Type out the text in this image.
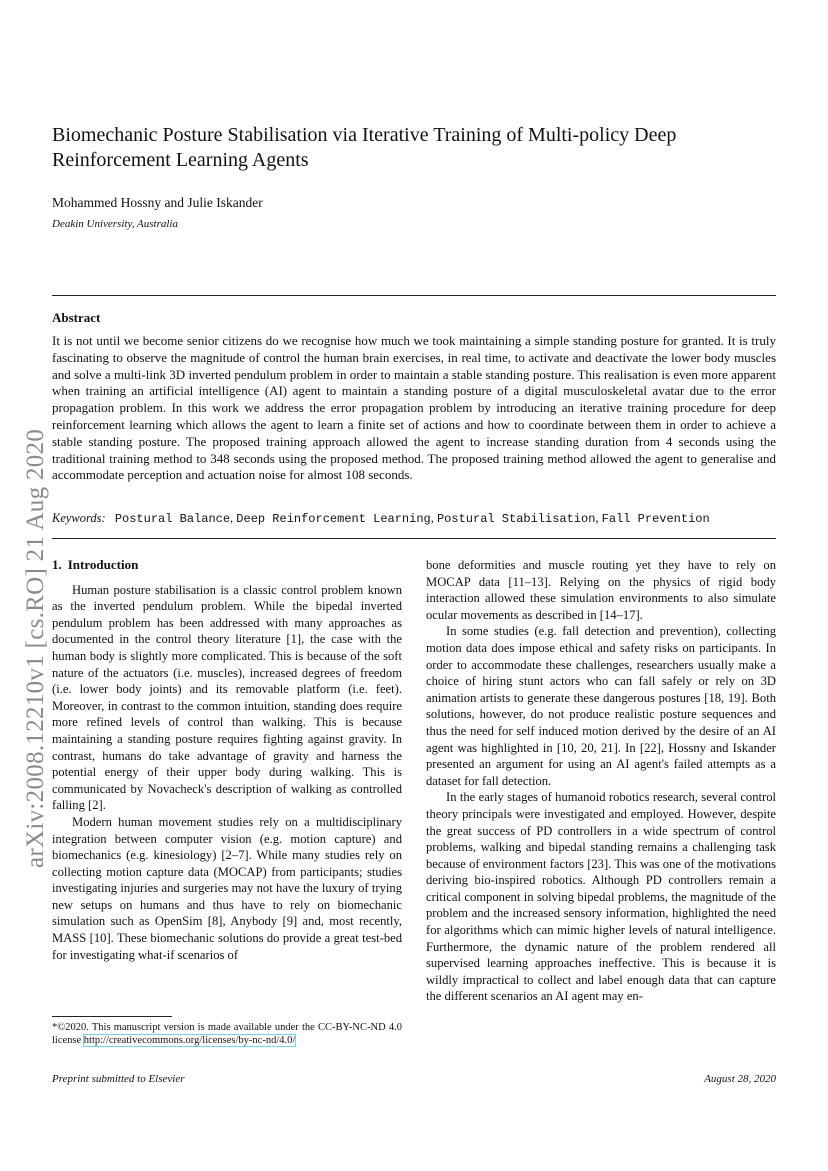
arXiv:2008.12210v1 [cs.RO] 21 Aug 2020
Biomechanic Posture Stabilisation via Iterative Training of Multi-policy Deep Reinforcement Learning Agents
Mohammed Hossny and Julie Iskander
Deakin University, Australia
Abstract

It is not until we become senior citizens do we recognise how much we took maintaining a simple standing posture for granted. It is truly fascinating to observe the magnitude of control the human brain exercises, in real time, to activate and deactivate the lower body muscles and solve a multi-link 3D inverted pendulum problem in order to maintain a stable standing posture. This realisation is even more apparent when training an artificial intelligence (AI) agent to maintain a standing posture of a digital musculoskeletal avatar due to the error propagation problem. In this work we address the error propagation problem by introducing an iterative training procedure for deep reinforcement learning which allows the agent to learn a finite set of actions and how to coordinate between them in order to achieve a stable standing posture. The proposed training approach allowed the agent to increase standing duration from 4 seconds using the traditional training method to 348 seconds using the proposed method. The proposed training method allowed the agent to generalise and accommodate perception and actuation noise for almost 108 seconds.

Keywords: Postural Balance, Deep Reinforcement Learning, Postural Stabilisation, Fall Prevention
1. Introduction

Human posture stabilisation is a classic control problem known as the inverted pendulum problem. While the bipedal inverted pendulum problem has been addressed with many approaches as documented in the control theory literature [1], the case with the human body is slightly more complicated. This is because of the soft nature of the actuators (i.e. muscles), increased degrees of freedom (i.e. lower body joints) and its removable platform (i.e. feet). Moreover, in contrast to the common intuition, standing does require more refined levels of control than walking. This is because maintaining a standing posture requires fighting against gravity. In contrast, humans do take advantage of gravity and harness the potential energy of their upper body during walking. This is communicated by Novacheck's description of walking as controlled falling [2].

Modern human movement studies rely on a multidisciplinary integration between computer vision (e.g. motion capture) and biomechanics (e.g. kinesiology) [2–7]. While many studies rely on collecting motion capture data (MOCAP) from participants; studies investigating injuries and surgeries may not have the luxury of trying new setups on humans and thus have to rely on biomechanic simulation such as OpenSim [8], Anybody [9] and, most recently, MASS [10]. These biomechanic solutions do provide a great test-bed for investigating what-if scenarios of

bone deformities and muscle routing yet they have to rely on MOCAP data [11–13]. Relying on the physics of rigid body interaction allowed these simulation environments to also simulate ocular movements as described in [14–17].

In some studies (e.g. fall detection and prevention), collecting motion data does impose ethical and safety risks on participants. In order to accommodate these challenges, researchers usually make a choice of hiring stunt actors who can fall safely or rely on 3D animation artists to generate these dangerous postures [18, 19]. Both solutions, however, do not produce realistic posture sequences and thus the need for self induced motion derived by the desire of an AI agent was highlighted in [10, 20, 21]. In [22], Hossny and Iskander presented an argument for using an AI agent's failed attempts as a dataset for fall detection.

In the early stages of humanoid robotics research, several control theory principals were investigated and employed. However, despite the great success of PD controllers in a wide spectrum of control problems, walking and bipedal standing remains a challenging task because of environment factors [23]. This was one of the motivations deriving bio-inspired robotics. Although PD controllers remain a critical component in solving bipedal problems, the magnitude of the problem and the increased sensory information, highlighted the need for algorithms which can mimic higher levels of natural intelligence. Furthermore, the dynamic nature of the problem rendered all supervised learning approaches ineffective. This is because it is wildly impractical to collect and label enough data that can capture the different scenarios an AI agent may en-

*©2020. This manuscript version is made available under the CC-BY-NC-ND 4.0 license http://creativecommons.org/licenses/by-nc-nd/4.0/

Preprint submitted to Elsevier	August 28, 2020
